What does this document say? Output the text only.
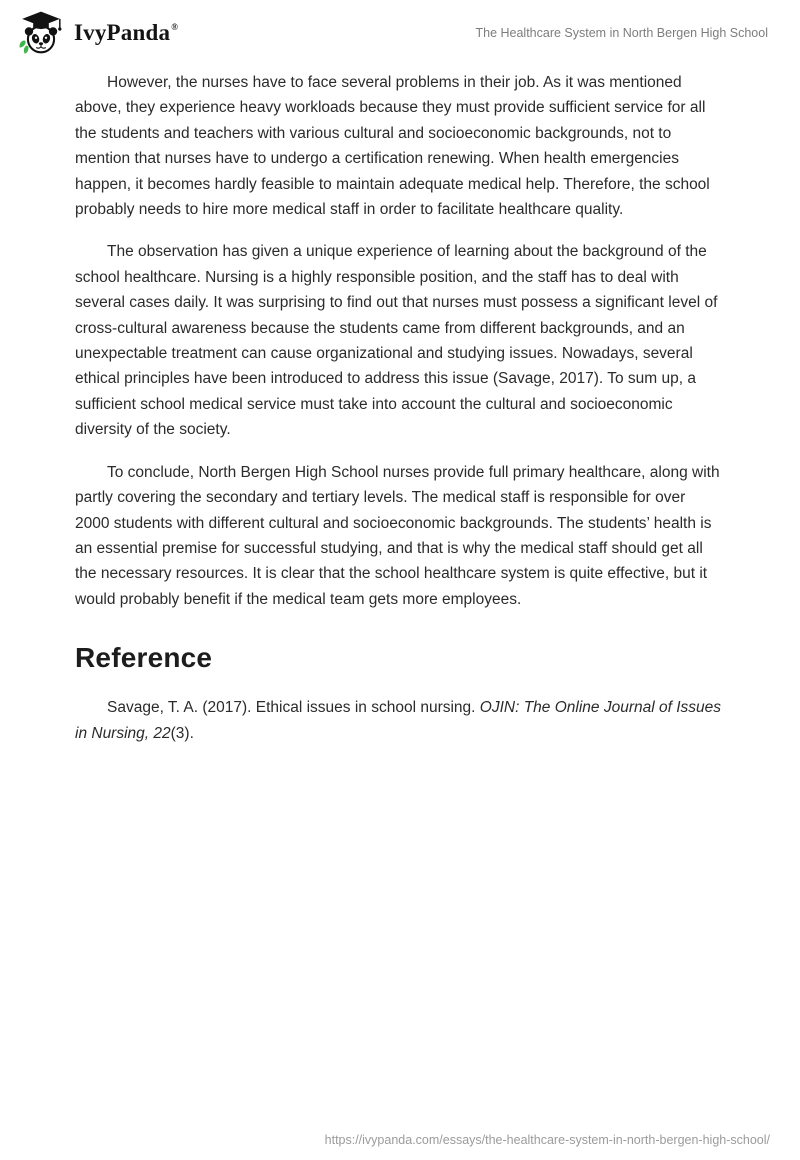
IvyPanda®	The Healthcare System in North Bergen High School

However, the nurses have to face several problems in their job. As it was mentioned above, they experience heavy workloads because they must provide sufficient service for all the students and teachers with various cultural and socioeconomic backgrounds, not to mention that nurses have to undergo a certification renewing. When health emergencies happen, it becomes hardly feasible to maintain adequate medical help. Therefore, the school probably needs to hire more medical staff in order to facilitate healthcare quality.

The observation has given a unique experience of learning about the background of the school healthcare. Nursing is a highly responsible position, and the staff has to deal with several cases daily. It was surprising to find out that nurses must possess a significant level of cross-cultural awareness because the students came from different backgrounds, and an unexpectable treatment can cause organizational and studying issues. Nowadays, several ethical principles have been introduced to address this issue (Savage, 2017). To sum up, a sufficient school medical service must take into account the cultural and socioeconomic diversity of the society.

To conclude, North Bergen High School nurses provide full primary healthcare, along with partly covering the secondary and tertiary levels. The medical staff is responsible for over 2000 students with different cultural and socioeconomic backgrounds. The students’ health is an essential premise for successful studying, and that is why the medical staff should get all the necessary resources. It is clear that the school healthcare system is quite effective, but it would probably benefit if the medical team gets more employees.

Reference

Savage, T. A. (2017). Ethical issues in school nursing. OJIN: The Online Journal of Issues in Nursing, 22(3).

https://ivypanda.com/essays/the-healthcare-system-in-north-bergen-high-school/
